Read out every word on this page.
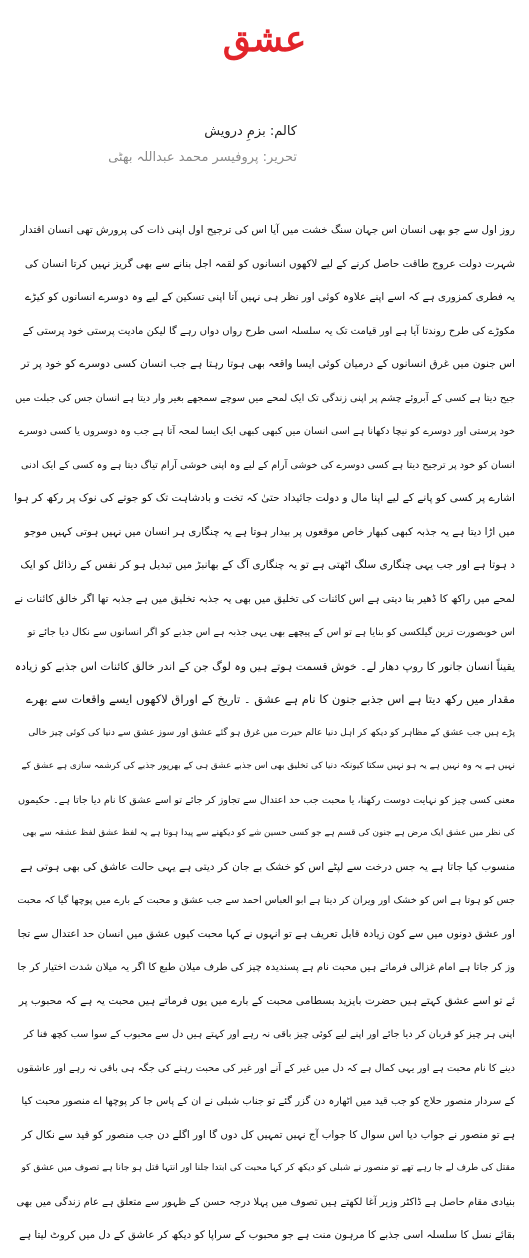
عشق
کالم: بزمِ درویش
تحریر: پروفیسر محمد عبداللہ بھٹی
روز اول سے جو بھی انسان اس جہان سنگ خشت میں آیا اس کی ترجیح اول اپنی ذات کی پرورش تھی انسان اقتدار
شہرت دولت عروج طاقت حاصل کرنے کے لیے لاکھوں انسانوں کو لقمہ اجل بنانے سے بھی گریز نہیں کرتا انسان کی
یہ فطری کمزوری ہے کہ اسے اپنے علاوہ کوئی اور نظر ہی نہیں آتا اپنی تسکین کے لیے وہ دوسرے انسانوں کو کیڑے
مکوڑے کی طرح روندتا آیا ہے اور قیامت تک یہ سلسلہ اسی طرح رواں دواں رہے گا لیکن مادیت پرستی خود پرستی کے
اس جنون میں غرق انسانوں کے درمیان کوئی ایسا واقعہ بھی ہوتا رہتا ہے جب انسان کسی دوسرے کو خود پر تر
جیح دیتا ہے کسی کے آبروئے چشم پر اپنی زندگی تک ایک لمحے میں سوچے سمجھے بغیر وار دیتا ہے انسان جس کی جبلت میں
خود پرستی اور دوسرے کو نیچا دکھانا ہے اسی انسان میں کبھی کبھی ایک ایسا لمحہ آتا ہے جب وہ دوسروں یا کسی دوسرے
انسان کو خود پر ترجیح دیتا ہے کسی دوسرے کی خوشی آرام کے لیے وہ اپنی خوشی آرام تیاگ دیتا ہے وہ کسی کے ایک ادنی
اشارے پر کسی کو پانے کے لیے اپنا مال و دولت جائیداد حتیٰ کہ تخت و بادشاہت تک کو جوتے کی نوک پر رکھ کر ہوا
میں اڑا دیتا ہے یہ جذبہ کبھی کبھار خاص موقعوں پر بیدار ہوتا ہے یہ چنگاری ہر انسان میں نہیں ہوتی کہیں موجو
د ہوتا ہے اور جب یہی چنگاری سلگ اٹھتی ہے تو یہ چنگاری آگ کے بھانبڑ میں تبدیل ہو کر نفس کے رذائل کو ایک
لمحے میں راکھ کا ڈھیر بنا دیتی ہے اس کائنات کی تخلیق میں بھی یہ جذبہ تخلیق میں ہے جذبہ تھا اگر خالق کائنات نے
اس خوبصورت ترین گیلکسی کو بنایا ہے تو اس کے پیچھے بھی یہی جذبہ ہے اس جذبے کو اگر انسانوں سے نکال دیا جائے تو
یقیناً انسان جانور کا روپ دھار لے۔ خوش قسمت ہوتے ہیں وہ لوگ جن کے اندر خالق کائنات اس جذبے کو زیادہ
مقدار میں رکھ دیتا ہے اس جذبے جنون کا نام ہے عشق ۔ تاریخ کے اوراق لاکھوں ایسے واقعات سے بھرے
پڑے ہیں جب عشق کے مظاہر کو دیکھ کر اہل دنیا عالم حیرت میں غرق ہو گئے عشق اور سوز عشق سے دنیا کی کوئی چیز خالی
نہیں ہے یہ وہ نہیں ہے یہ ہو نہیں سکتا کیونکہ دنیا کی تخلیق بھی اس جذبے عشق ہی کے بھرپور جذبے کی کرشمہ سازی ہے عشق کے
معنی کسی چیز کو نہایت دوست رکھنا، یا محبت جب حد اعتدال سے تجاوز کر جائے تو اسے عشق کا نام دیا جاتا ہے۔ حکیموں
کی نظر میں عشق ایک مرض ہے جنون کی قسم ہے جو کسی حسین شے کو دیکھنے سے پیدا ہوتا ہے یہ لفظ عشق لفظ عشقہ سے بھی
منسوب کیا جاتا ہے یہ جس درخت سے لپٹے اس کو خشک بے جان کر دیتی ہے یہی حالت عاشق کی بھی ہوتی ہے
جس کو ہوتا ہے اس کو خشک اور ویران کر دیتا ہے ابو العباس احمد سے جب عشق و محبت کے بارے میں پوچھا گیا کہ محبت
اور عشق دونوں میں سے کون زیادہ قابل تعریف ہے تو انہوں نے کہا محبت کیوں عشق میں انسان حد اعتدال سے تجا
وز کر جاتا ہے امام غزالی فرماتے ہیں محبت نام ہے پسندیدہ چیز کی طرف میلان طبع کا اگر یہ میلان شدت اختیار کر جا
ئے تو اسے عشق کہتے ہیں حضرت بایزید بسطامی محبت کے بارے میں یوں فرماتے ہیں محبت یہ ہے کہ محبوب پر
اپنی ہر چیز کو قربان کر دیا جائے اور اپنے لیے کوئی چیز باقی نہ رہے اور کہتے ہیں دل سے محبوب کے سوا سب کچھ فنا کر
دینے کا نام محبت ہے اور یہی کمال ہے کہ دل میں غیر کے آنے اور غیر کی محبت رہنے کی جگہ ہی باقی نہ رہے اور عاشقوں
کے سردار منصور حلاج کو جب قید میں اٹھارہ دن گزر گئے تو جناب شبلی نے ان کے پاس جا کر پوچھا اے منصور محبت کیا
ہے تو منصور نے جواب دیا اس سوال کا جواب آج نہیں تمہیں کل دوں گا اور اگلے دن جب منصور کو قید سے نکال کر
مقتل کی طرف لے جا رہے تھے تو منصور نے شبلی کو دیکھ کر کہا محبت کی ابتدا جلنا اور انتہا قتل ہو جانا ہے تصوف میں عشق کو
بنیادی مقام حاصل ہے ڈاکٹر وزیر آغا لکھتے ہیں تصوف میں پہلا درجہ حسن کے ظہور سے متعلق ہے عام زندگی میں بھی
بقائے نسل کا سلسلہ اسی جذبے کا مرہون منت ہے جو محبوب کے سراپا کو دیکھ کر عاشق کے دل میں کروٹ لیتا ہے
